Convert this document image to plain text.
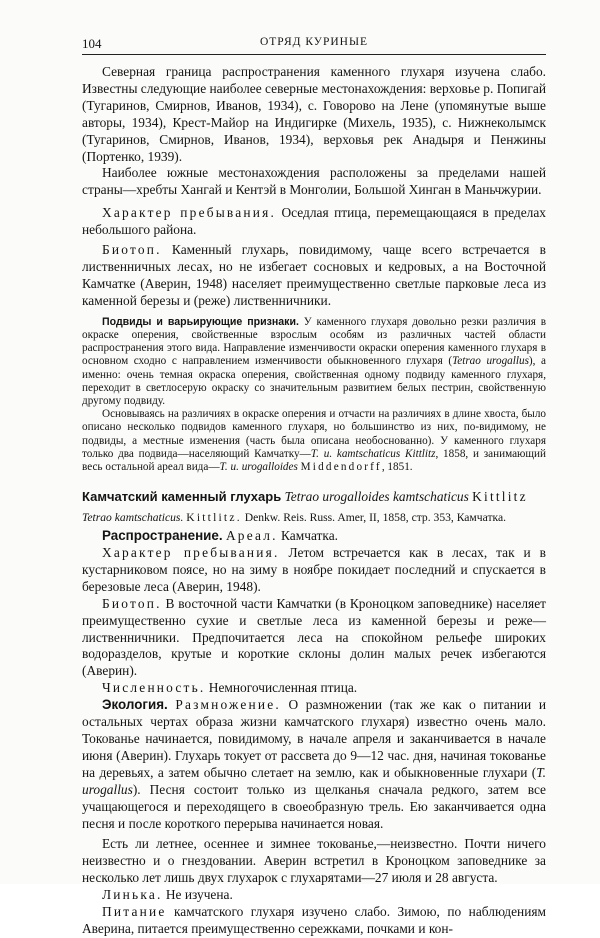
104	ОТРЯД КУРИНЫЕ

Северная граница распространения каменного глухаря изучена слабо. Известны следующие наиболее северные местонахождения: верховье р. Попигай (Тугаринов, Смирнов, Иванов, 1934), с. Говорово на Лене (упомянутые выше авторы, 1934), Крест-Майор на Индигирке (Михель, 1935), с. Нижнеколымск (Тугаринов, Смирнов, Иванов, 1934), верховья рек Анадыря и Пенжины (Портенко, 1939).

Наиболее южные местонахождения расположены за пределами нашей страны—хребты Хангай и Кентэй в Монголии, Большой Хинган в Маньчжурии.

Характер пребывания. Оседлая птица, перемещающаяся в пределах небольшого района.

Биотоп. Каменный глухарь, повидимому, чаще всего встречается в лиственничных лесах, но не избегает сосновых и кедровых, а на Восточной Камчатке (Аверин, 1948) населяет преимущественно светлые парковые леса из каменной березы и (реже) лиственничники.

Подвиды и варьирующие признаки. У каменного глухаря довольно резки различия в окраске оперения, свойственные взрослым особям из различных частей области распространения этого вида. Направление изменчивости окраски оперения каменного глухаря в основном сходно с направлением изменчивости обыкновенного глухаря (Tetrao urogallus), а именно: очень темная окраска оперения, свойственная одному подвиду каменного глухаря, переходит в светлосерую окраску со значительным развитием белых пестрин, свойственную другому подвиду.

Основываясь на различиях в окраске оперения и отчасти на различиях в длине хвоста, было описано несколько подвидов каменного глухаря, но большинство из них, по-видимому, не подвиды, а местные изменения (часть была описана необоснованно). У каменного глухаря только два подвида—населяющий Камчатку—T. u. kamtschaticus Kittlitz, 1858, и занимающий весь остальной ареал вида—T. u. urogalloides Middendorff, 1851.

Камчатский каменный глухарь Tetrao urogalloides kamtschaticus Kittlitz

Tetrao kamtschaticus. Kittlitz. Denkw. Reis. Russ. Amer, II, 1858, стр. 353, Камчатка.

Распространение. Ареал. Камчатка.

Характер пребывания. Летом встречается как в лесах, так и в кустарниковом поясе, но на зиму в ноябре покидает последний и спускается в березовые леса (Аверин, 1948).

Биотоп. В восточной части Камчатки (в Кроноцком заповеднике) населяет преимущественно сухие и светлые леса из каменной березы и реже—лиственничники. Предпочитается леса на спокойном рельефе широких водоразделов, крутые и короткие склоны долин малых речек избегаются (Аверин).

Численность. Немногочисленная птица.

Экология. Размножение. О размножении (так же как о питании и остальных чертах образа жизни камчатского глухаря) известно очень мало. Токованье начинается, повидимому, в начале апреля и заканчивается в начале июня (Аверин). Глухарь токует от рассвета до 9—12 час. дня, начиная токованье на деревьях, а затем обычно слетает на землю, как и обыкновенные глухари (T. urogallus). Песня состоит только из щелканья сначала редкого, затем все учащающегося и переходящего в своеобразную трель. Ею заканчивается одна песня и после короткого перерыва начинается новая.

Есть ли летнее, осеннее и зимнее токованье,—неизвестно. Почти ничего неизвестно и о гнездовании. Аверин встретил в Кроноцком заповеднике за несколько лет лишь двух глухарок с глухарятами—27 июля и 28 августа.

Линька. Не изучена.

Питание камчатского глухаря изучено слабо. Зимою, по наблюдениям Аверина, питается преимущественно сережками, почками и кон-
